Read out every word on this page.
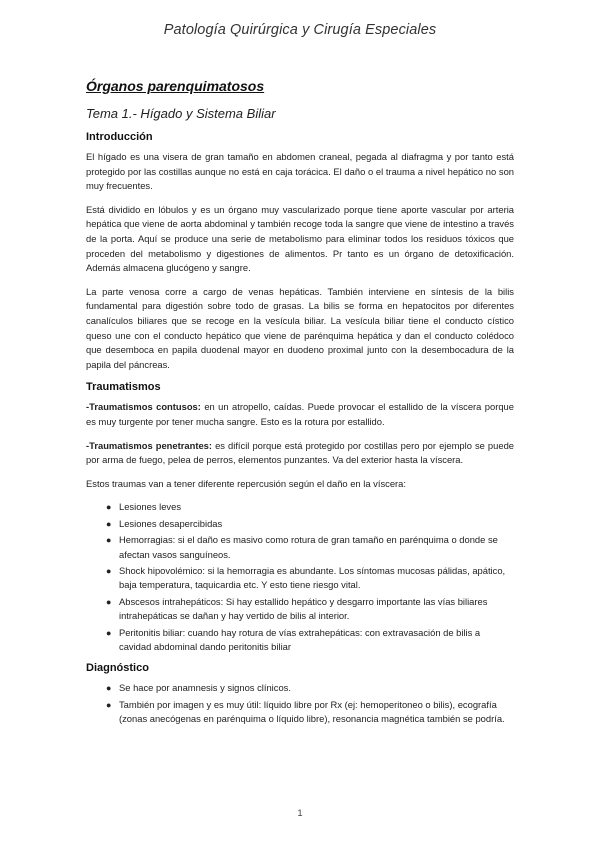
Patología Quirúrgica y Cirugía Especiales
Órganos parenquimatosos
Tema 1.- Hígado y Sistema Biliar
Introducción

El hígado es una visera de gran tamaño en abdomen craneal, pegada al diafragma y por tanto está protegido por las costillas aunque no está en caja torácica. El daño o el trauma a nivel hepático no son muy frecuentes.

Está dividido en lóbulos y es un órgano muy vascularizado porque tiene aporte vascular por arteria hepática que viene de aorta abdominal y también recoge toda la sangre que viene de intestino a través de la porta. Aquí se produce una serie de metabolismo para eliminar todos los residuos tóxicos que proceden del metabolismo y digestiones de alimentos. Pr tanto es un órgano de detoxificación. Además almacena glucógeno y sangre.

La parte venosa corre a cargo de venas hepáticas. También interviene en síntesis de la bilis fundamental para digestión sobre todo de grasas. La bilis se forma en hepatocitos por diferentes canalículos biliares que se recoge en la vesícula biliar. La vesícula biliar tiene el conducto cístico queso une con el conducto hepático que viene de parénquima hepática y dan el conducto colédoco que desemboca en papila duodenal mayor en duodeno proximal junto con la desembocadura de la papila del páncreas.

Traumatismos

-Traumatismos contusos: en un atropello, caídas. Puede provocar el estallido de la víscera porque es muy turgente por tener mucha sangre. Esto es la rotura por estallido.

-Traumatismos penetrantes: es difícil porque está protegido por costillas pero por ejemplo se puede por arma de fuego, pelea de perros, elementos punzantes. Va del exterior hasta la víscera.

Estos traumas van a tener diferente repercusión según el daño en la víscera:

● Lesiones leves
● Lesiones desapercibidas
● Hemorragias: si el daño es masivo como rotura de gran tamaño en parénquima o donde se afectan vasos sanguíneos.
● Shock hipovolémico: si la hemorragia es abundante. Los síntomas mucosas pálidas, apático, baja temperatura, taquicardia etc. Y esto tiene riesgo vital.
● Abscesos intrahepáticos: Si hay estallido hepático y desgarro importante las vías biliares intrahepáticas se dañan y hay vertido de bilis al interior.
● Peritonitis biliar: cuando hay rotura de vías extrahepáticas: con extravasación de bilis a cavidad abdominal dando peritonitis biliar
Diagnóstico
● Se hace por anamnesis y signos clínicos.
● También por imagen y es muy útil: líquido libre por Rx (ej: hemoperitoneo o bilis), ecografía (zonas anecógenas en parénquima o líquido libre), resonancia magnética también se podría.
1
